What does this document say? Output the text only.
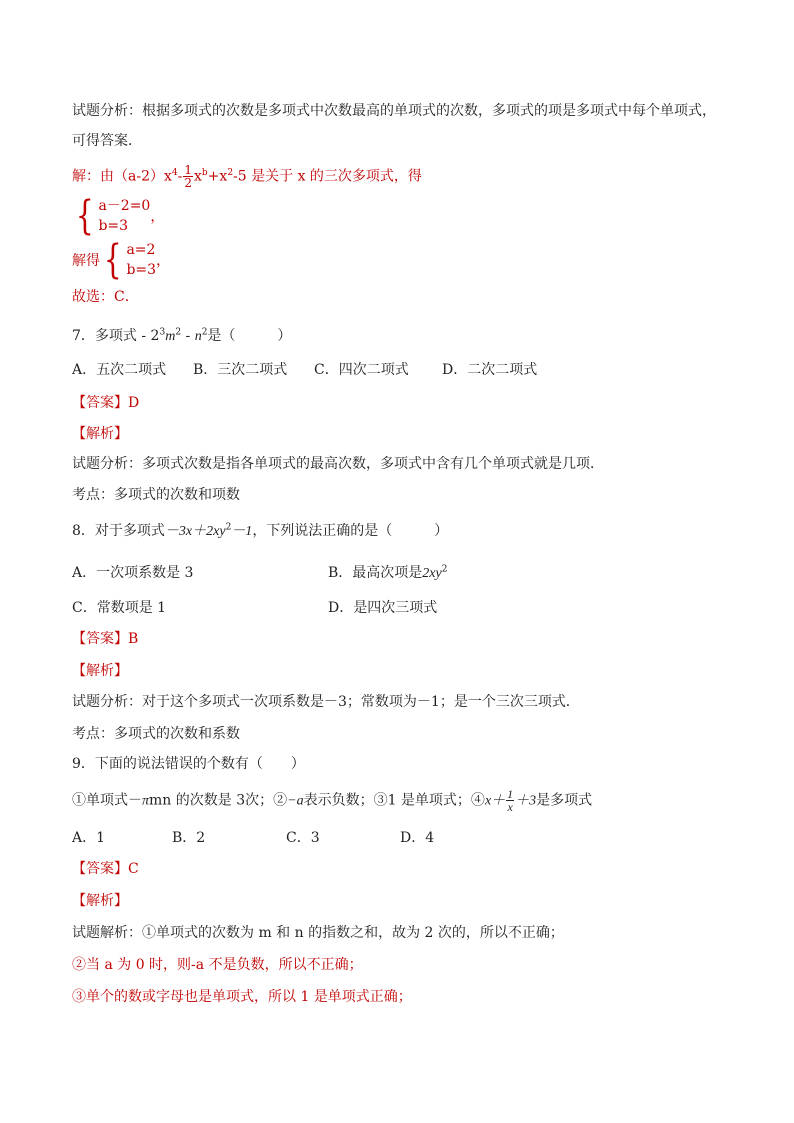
试题分析：根据多项式的次数是多项式中次数最高的单项式的次数，多项式的项是多项式中每个单项式，
可得答案．
解：由$(a-2)x^4- \frac{1}{2} x^b+x^2-5$ 是关于 x 的三次多项式，得
{ a－2=0
b=3
，
解得 { a=2
b=3
，
故选：C．
7．多项式 - $2^3m^2 - n^2$是（　　　）
A．五次二项式 B．三次二项式 C．四次二项式 D．二次二项式
【答案】D
【解析】
试题分析：多项式次数是指各单项式的最高次数，多项式中含有几个单项式就是几项．
考点：多项式的次数和项数
8．对于多项式$-3x+2xy^2-1$，下列说法正确的是（　　　）
A．一次项系数是 3	B．最高次项是$2xy^2$
C．常数项是 1	D．是四次三项式
【答案】B
【解析】
试题分析：对于这个多项式一次项系数是－3；常数项为－1；是一个三次三项式．
考点：多项式的次数和系数
9．下面的说法错误的个数有（　　）
①单项式－πmn 的次数是 3次；②−a表示负数；③1 是单项式；④x＋ $\frac{1}{x} +3$是多项式
A．1	B．2	C．3	D．4
【答案】C
【解析】
试题解析：①单项式的次数为 m 和 n 的指数之和，故为 2 次的，所以不正确；
②当 a 为 0 时，则-a 不是负数，所以不正确；
③单个的数或字母也是单项式，所以 1 是单项式正确；
